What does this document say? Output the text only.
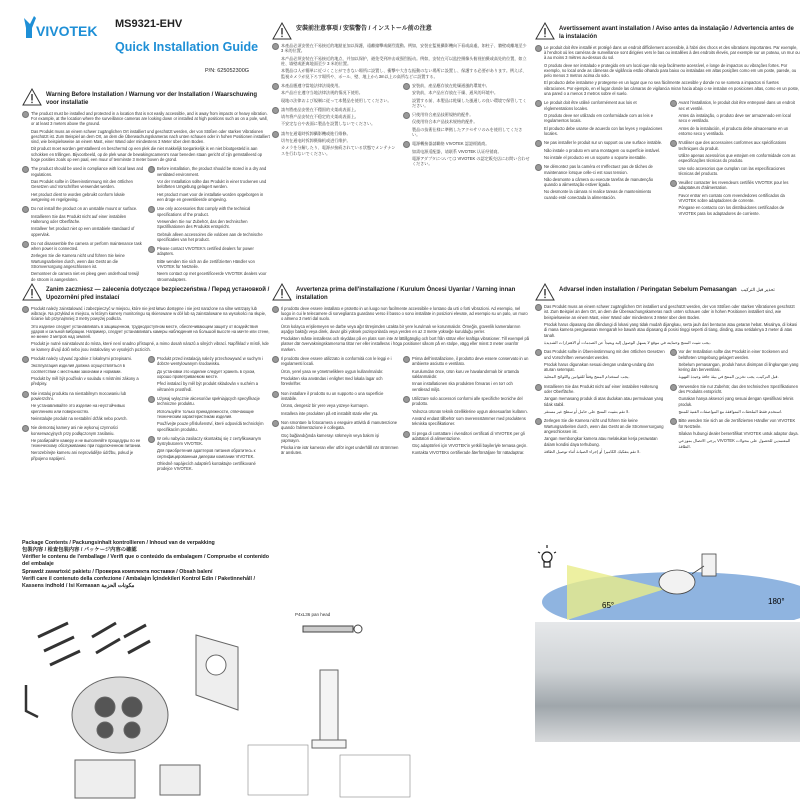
VIVOTEK MS9321-EHV
Quick Installation Guide
P/N: 625052300G
Warning Before Installation / Warnung vor der Installation / Waarschuwing voor installatie
The product must be installed and protected in a location that is not easily accessible, and is away from impacts or heavy vibration. For example, at the location where the surveillance cameras are looking down or installed at high positions such as on a pole, wall, or at least 3 meters above the ground.
Das Produkt muss an einem schwer zugänglichen Ort installiert und geschützt werden, der von Stößen oder starken Vibrationen geschützt ist. Zum Beispiel an dem Ort, an dem die Überwachungskameras nach unten schauen oder in hohen Positionen installiert sind, wie beispielsweise an einem Mast, einer Wand oder mindestens 3 Meter über dem Boden.
Dit product moet worden geïnstalleerd en beschermd op een plek die niet makkelijk toegankelijk is en niet blootgesteld is aan schokken en trillingen. Bijvoorbeeld, op de plek waar de bewakingscamera's naar beneden staan gericht of zijn geïnstalleerd op hoge posities zoals op een paal, een muur of tenminste 3 meter boven de grond.
The product should be used in compliance with local laws and regulations.
Das Produkt sollte in Übereinstimmung mit den örtlichen Gesetzen und Vorschriften verwendet werden.
Het product dient te worden gebruikt conform lokale wetgeving en regelgeving.
Do not install the product on an unstable mount or surface.
Installieren Sie das Produkt nicht auf einer instabilen Halterung oder Oberfläche.
Installeer het product niet op een onstabiele standaard of oppervlak.
Do not disassemble the camera or perform maintenance task when power is connected.
Zerlegen Sie die Kamera nicht und führen Sie keine Wartungsarbeiten durch, wenn das Gerät an die Stromversorgung angeschlossen ist.
Demonteer de camera niet en pleeg geen onderhoud terwijl de stroom is aangesloten.
Before installation, the product should be stored in a dry and ventilated environment.
Vor der Installation sollte das Produkt in einer trockenen und belüfteten Umgebung gelagert werden.
Het product moet voor de installatie worden opgeborgen in een droge en geventileerde omgeving.
Use only accessories that comply with the technical specifications of the product.
Verwenden Sie nur Zubehör, das den technischen Spezifikationen des Produkts entspricht.
Gebruik alleen accessoires die voldoen aan de technische specificaties van het product.
Please contact VIVOTEK's certified dealers for power adapters.
Bitte wenden Sie sich an die zertifizierten Händler von VIVOTEK für Netzteile.
Neem contact op met gecertificeerde VIVOTEK dealers voor stroomadapters.
安裝前注意事項 / 安装警告 / インストール前の注意
本產品必須安裝在不易接近的地點並加以保護，遠離撞擊或劇烈震動。例如，安裝在監視攝影機向下看或高處，如柱子、牆壁或離地至少 3 米的位置。
本产品必须安装在不易接近的地点，并加以保护，避免受到冲击或强烈振动。例如，安装在可以监控摄像头俯视拍摄或高处的位置，如立柱、墙壁或距离地面至少 3 米的位置。
本製品は人が簡単に近づくことができない場所に設置し、衝撃や大きな振動のない場所に設置し、保護する必要があります。例えば、監視カメラが見下ろす場所や、ポール、壁、地上から3m以上の高所などに設置する。
本產品應遵守當地法律法規使用。
本产品应在遵守当地法律法规的情况下使用。
現地の法律および規制に従って本製品を使用してください。
請勿將產品安裝在不穩固的支架或表面上。
请勿将产品安装在不稳定的支架或表面上。
不安定な台や表面に製品を設置しないでください。
請勿在通電時拆卸攝影機或進行維修。
切勿在通电时拆卸摄像机或进行维护。
カメラを分解したり、電源が接続されている状態でメンテナンスを行わないでください。
安裝前，產品應存放在乾燥通風的環境中。
安装前，本产品应存放在干燥、通风的环境中。
設置する前、本製品は乾燥した風通しの良い環境で保管してください。
只使用符合產品技術規格的配件。
仅使用符合本产品技术规格的配件。
製品の技術仕様に準拠したアクセサリのみを使用してください。
電源轉接器請聯絡 VIVOTEK 認證經銷商。
如需电源适配器，请联系 VIVOTEK 认证经销商。
電源アダプタについては VIVOTEK の認定販売店にお問い合わせください。
Avertissement avant installation / Aviso antes da instalação / Advertencia antes de la instalación
Le produit doit être installé et protégé dans un endroit difficilement accessible, à l'abri des chocs et des vibrations importantes. Par exemple, à l'endroit où les caméras de surveillance sont dirigées vers le bas ou installées à des endroits élevés, par exemple sur un poteau, un mur ou à au moins 3 mètres au-dessus du sol.
O produto deve ser instalado e protegido em um local que não seja facilmente acessível, e longe de impactos ou vibrações fortes. Por exemplo, no local onde as câmeras de vigilância estão olhando para baixo ou instaladas em altas posições como em um poste, parede, ou pelo menos 3 metros acima do solo.
El producto debe instalarse y protegerse en un lugar que no sea fácilmente accesible y donde no se someta a impactos ni fuertes vibraciones. Por ejemplo, en el lugar donde las cámaras de vigilancia miran hacia abajo o se instalan en posiciones altas, como en un poste, una pared o a menos 3 metros sobre el suelo.
Le produit doit être utilisé conformément aux lois et règlementations locales.
O produto deve ser utilizado em conformidade com as leis e regulamentos locais.
El producto debe usarse de acuerdo con las leyes y regulaciones locales.
Ne pas installer le produit sur un support ou une surface instable.
Não instale o produto em uma montagem ou superfície instável.
No instale el producto en un soporte o soporte inestable.
Ne démontez pas la caméra et n'effectuez pas de tâches de maintenance lorsque celle-ci est sous tension.
Não desmonte a câmera ou execute tarefas de manutenção quando a alimentação estiver ligada.
No desmonte la cámara ni realice tareas de mantenimiento cuando esté conectada la alimentación.
Avant l'installation, le produit doit être entreposé dans un endroit sec et ventilé.
Antes da instalação, o produto deve ser armazenado em local seco e ventilado.
Antes de la instalación, el producto debe almacenarse en un entorno seco y ventilado.
N'utiliser que des accessoires conformes aux spécifications techniques du produit.
Utilize apenas acessórios que estejam em conformidade com as especificações técnicas do produto.
Use solo accesorios que cumplan con las especificaciones técnicas del producto.
Veuillez contacter les revendeurs certifiés VIVOTEK pour les adaptateurs d'alimentation.
Favor entrar em contato com revendedores certificados da VIVOTEK sobre adaptadores de corrente.
Póngase en contacto con los distribuidores certificados de VIVOTEK para los adaptadores de corriente.
Zanim zaczniesz — zalecenia dotyczące bezpieczeństwa / Перед установкой / Upozornění před instalací
Produkt należy zainstalować i zabezpieczyć w miejscu, które nie jest łatwo dostępne i nie jest narażone na silne wstrząsy lub wibracje. Na przykład w miejscu, w którym kamery monitoringu są skierowane w dół lub są zainstalowane na wysokości na słupie, ścianie lub przynajmniej 3 metry powyżej podłoża.
Это изделие следует устанавливать в защищенном, труднодоступном месте, обеспечивающем защиту от воздействия ударов и сильной вибрации. Например, следует устанавливать камеры наблюдения на большой высоте на мачте или стене, не менее 3 метров над землей.
Produkt je nutné nainstalovat do místa, které není snadno přístupné, a mimo dosah nárazů a silných vibrací. Například v místě, kde se kamery dívají dolů nebo jsou instalovány ve vysokých pozicích.
Produkt należy używać zgodnie z lokalnymi przepisami.
Эксплуатация изделия должна осуществляться в соответствии с местными законами и нормами.
Produkt by měl být používán v souladu s místními zákony a předpisy.
Nie instaluj produktu na niestabilnym mocowaniu lub powierzchni.
Не устанавливайте это изделие на неустойчивых креплениях или поверхностях.
Neinstalujte produkt na nestabilní držák nebo povrch.
Nie demontuj kamery ani nie wykonuj czynności konserwacyjnych przy podłączonym zasilaniu.
Не разбирайте камеру и не выполняйте процедуры по ее техническому обслуживанию при подключенном питании.
Nerozebírejte kameru ani neprovádějte údržbu, pokud je připojeno napájení.
Produkt przed instalacją należy przechowywać w suchym i dobrze wentylowanym środowisku.
До установки это изделие следует хранить в сухом, хорошо проветриваемом месте.
Před instalací by měl být produkt skladován v suchém a větraném prostředí.
Używaj wyłącznie akcesoriów spełniających specyfikacje techniczne produktu.
Используйте только принадлежности, отвечающие техническим характеристикам изделия.
Používejte pouze příslušenství, které odpovídá technickým specifikacím produktu.
W celu nabycia zasilaczy skontaktuj się z certyfikowanym dystrybutorem VIVOTEK.
Для приобретения адаптеров питания обратитесь к сертифицированным дилерам компании VIVOTEK.
Ohledně napájecích adaptérů kontaktujte certifikované prodejce VIVOTEK.
Avvertenza prima dell'installazione / Kurulum Öncesi Uyarılar / Varning innan installation
Il prodotto deve essere installato e protetto in un luogo non facilmente accessibile e lontano da urti o forti vibrazioni. Ad esempio, nel luogo in cui le telecamere di sorveglianza guardano verso il basso o sono installate in posizioni elevate, ad esempio su un palo, un muro o almeno 3 metri dal suolo.
Ürün kolayca erişilemeyen ve darbe veya ağır titreşimden uzakta bir yere kurulmalı ve korunmalıdır. Örneğin, güvenlik kameralarının aşağıyı baktığı veya direk, duvar gibi yüksek pozisyonlarda veya yerden en az 3 metre yükseğe kurulduğu yerler.
Produkten måste installeras och skyddas på en plats som inte är lättillgänglig och bort från stötar eller kraftiga vibrationer. Till exempel på platser där övervakningskamerorna tittar ner eller installeras i höga positioner såsom på en stolpe, vägg eller minst 3 meter ovanför marken.
Il prodotto deve essere utilizzato in conformità con le leggi e i regolamenti locali.
Ürün, yerel yasa ve yönetmeliklere uygun kullanılmalıdır.
Produkten ska användas i enlighet med lokala lagar och föreskrifter.
Non installare il prodotto su un supporto o una superficie instabile.
Ürünü, dengesiz bir yere veya yüzeye kurmayın.
Installera inte produkten på ett instabilt stativ eller yta.
Non smontare la fotocamera o eseguire attività di manutenzione quando l'alimentazione è collegata.
Güç bağlandığında kamerayı sökmeyin veya bakım işi yapmayın.
Plocka inte isär kameran eller utför inget underhåll när strömmen är ansluten.
Prima dell'installazione, il prodotto deve essere conservato in un ambiente asciutto e ventilato.
Kurulumdan önce, ürün kuru ve havalandırmalı bir ortamda saklanmalıdır.
Innan installationen ska produkten förvaras i en torr och ventilerad miljö.
Utilizzare solo accessori conformi alle specifiche tecniche del prodotto.
Yalnızca ürünün teknik özelliklerine uygun aksesuarları kullanın.
Använd endast tillbehör som överensstämmer med produktens tekniska specifikationer.
Si prega di contattare i rivenditori certificati di VIVOTEK per gli adattatori di alimentazione.
Güç adaptörleri için VIVOTEK'in yetkili bayileriyle temasa geçin.
Kontakta VIVOTEKs certifierade återförsäljare för nätadaptrar.
Advarsel inden installation / Peringatan Sebelum Pemasangan تحذير قبل التركيب
Das Produkt muss an einem schwer zugänglichen Ort installiert und geschützt werden, der von Stößen oder starken Vibrationen geschützt ist. Zum Beispiel an dem Ort, an dem die Überwachungskameras nach unten schauen oder in hohen Positionen installiert sind, wie beispielsweise an einem Mast, einer Wand oder mindestens 3 Meter über dem Boden.
Produk harus dipasang dan dilindungi di lokasi yang tidak mudah dijangkau, serta jauh dari benturan atau getaran hebat. Misalnya, di lokasi di mana kamera pengawasan mengarah ke bawah atau dipasang di posisi tinggi seperti di tiang, dinding, atau setidaknya 3 meter di atas tanah.
يجب تثبيت المنتج وحمايته في موقع لا يسهل الوصول إليه وبعيداً عن الصدمات أو الاهتزازات الشديدة.
Das Produkt sollte in Übereinstimmung mit den örtlichen Gesetzen und Vorschriften verwendet werden.
Produk harus digunakan sesuai dengan undang-undang dan aturan setempat.
يجب استخدام المنتج وفقاً للقوانين واللوائح المحلية.
Installieren Sie das Produkt nicht auf einer instabilen Halterung oder Oberfläche.
Jangan memasang produk di atas dudukan atau permukaan yang tidak stabil.
لا تقم بتثبيت المنتج على حامل أو سطح غير مستقر.
Zerlegen Sie die Kamera nicht und führen Sie keine Wartungsarbeiten durch, wenn das Gerät an die Stromversorgung angeschlossen ist.
Jangan membongkar kamera atau melakukan kerja perawatan dalam kondisi daya terhubung.
لا تقم بتفكيك الكاميرا أو إجراء الصيانة أثناء توصيل الطاقة.
Vor der Installation sollte das Produkt in einer trockenen und belüfteten Umgebung gelagert werden.
Sebelum pemasangan, produk harus disimpan di lingkungan yang kering dan berventilasi.
قبل التركيب، يجب تخزين المنتج في بيئة جافة وجيدة التهوية.
Verwenden Sie nur Zubehör, das den technischen Spezifikationen des Produkts entspricht.
Gunakan hanya aksesori yang sesuai dengan spesifikasi teknis produk.
استخدم فقط الملحقات المتوافقة مع المواصفات الفنية للمنتج.
Bitte wenden Sie sich an die zertifizierten Händler von VIVOTEK für Netzteile.
Silakan hubungi dealer bersertifikat VIVOTEK untuk adaptor daya.
يرجى الاتصال بموزعي VIVOTEK المعتمدين للحصول على محولات الطاقة.
Package Contents / Packungsinhalt kontrollieren / Inhoud van de verpakking
包裝內容 / 检查包装内容 / パッケージ内容の確認
Vérifier le contenu de l'emballage / Verifi que o conteúdo da embalagem / Compruebe el contenido del embalaje
Sprawdź zawartość pakietu / Проверка комплекта поставки / Obsah balení
Verifi care il contenuto della confezione / Ambalajın İçindekileri Kontrol Edin / Paketinnehåll / Kassens indhold / Isi Kemasan مكونات الحزمة
P4xL36 pan head
65°	180°
